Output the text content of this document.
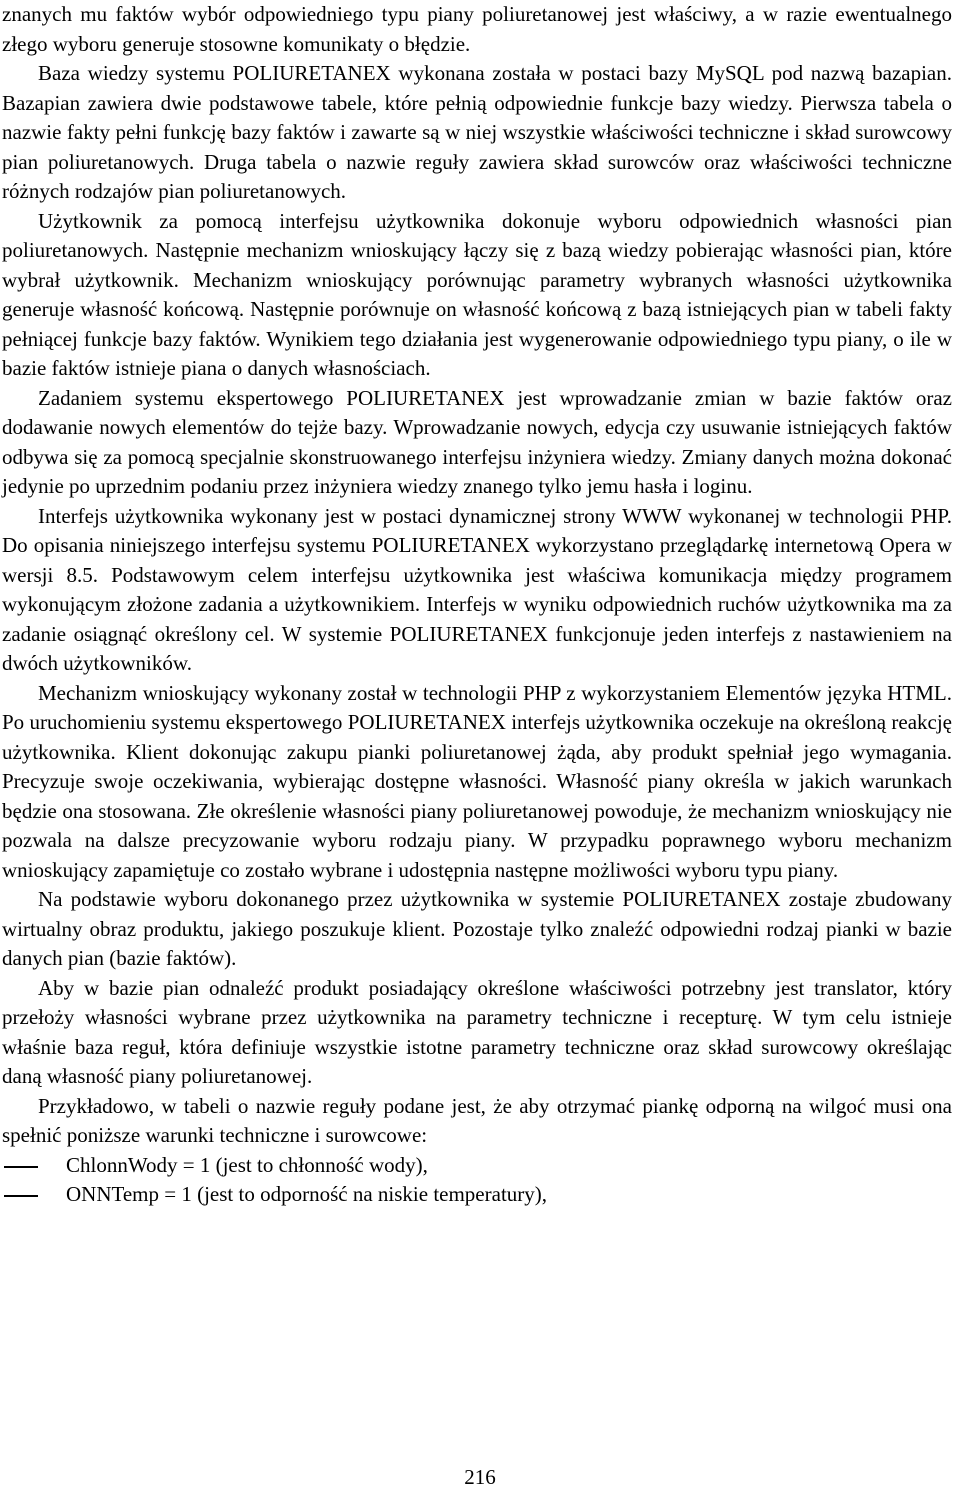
znanych mu faktów wybór odpowiedniego typu piany poliuretanowej jest właściwy, a w razie ewentualnego złego wyboru generuje stosowne komunikaty o błędzie.

Baza wiedzy systemu POLIURETANEX wykonana została w postaci bazy MySQL pod nazwą bazapian. Bazapian zawiera dwie podstawowe tabele, które pełnią odpowiednie funkcje bazy wiedzy. Pierwsza tabela o nazwie fakty pełni funkcję bazy faktów i zawarte są w niej wszystkie właściwości techniczne i skład surowcowy pian poliuretanowych. Druga tabela o nazwie reguły zawiera skład surowców oraz właściwości techniczne różnych rodzajów pian poliuretanowych.

Użytkownik za pomocą interfejsu użytkownika dokonuje wyboru odpowiednich własności pian poliuretanowych. Następnie mechanizm wnioskujący łączy się z bazą wiedzy pobierając własności pian, które wybrał użytkownik. Mechanizm wnioskujący porównując parametry wybranych własności użytkownika generuje własność końcową. Następnie porównuje on własność końcową z bazą istniejących pian w tabeli fakty pełniącej funkcje bazy faktów. Wynikiem tego działania jest wygenerowanie odpowiedniego typu piany, o ile w bazie faktów istnieje piana o danych własnościach.

Zadaniem systemu ekspertowego POLIURETANEX jest wprowadzanie zmian w bazie faktów oraz dodawanie nowych elementów do tejże bazy. Wprowadzanie nowych, edycja czy usuwanie istniejących faktów odbywa się za pomocą specjalnie skonstruowanego interfejsu inżyniera wiedzy. Zmiany danych można dokonać jedynie po uprzednim podaniu przez inżyniera wiedzy znanego tylko jemu hasła i loginu.

Interfejs użytkownika wykonany jest w postaci dynamicznej strony WWW wykonanej w technologii PHP. Do opisania niniejszego interfejsu systemu POLIURETANEX wykorzystano przeglądarkę internetową Opera w wersji 8.5. Podstawowym celem interfejsu użytkownika jest właściwa komunikacja między programem wykonującym złożone zadania a użytkownikiem. Interfejs w wyniku odpowiednich ruchów użytkownika ma za zadanie osiągnąć określony cel. W systemie POLIURETANEX funkcjonuje jeden interfejs z nastawieniem na dwóch użytkowników.

Mechanizm wnioskujący wykonany został w technologii PHP z wykorzystaniem Elementów języka HTML. Po uruchomieniu systemu ekspertowego POLIURETANEX interfejs użytkownika oczekuje na określoną reakcję użytkownika. Klient dokonując zakupu pianki poliuretanowej żąda, aby produkt spełniał jego wymagania. Precyzuje swoje oczekiwania, wybierając dostępne własności. Własność piany określa w jakich warunkach będzie ona stosowana. Złe określenie własności piany poliuretanowej powoduje, że mechanizm wnioskujący nie pozwala na dalsze precyzowanie wyboru rodzaju piany. W przypadku poprawnego wyboru mechanizm wnioskujący zapamiętuje co zostało wybrane i udostępnia następne możliwości wyboru typu piany.

Na podstawie wyboru dokonanego przez użytkownika w systemie POLIURETANEX zostaje zbudowany wirtualny obraz produktu, jakiego poszukuje klient. Pozostaje tylko znaleźć odpowiedni rodzaj pianki w bazie danych pian (bazie faktów).

Aby w bazie pian odnaleźć produkt posiadający określone właściwości potrzebny jest translator, który przełoży własności wybrane przez użytkownika na parametry techniczne i recepturę. W tym celu istnieje właśnie baza reguł, która definiuje wszystkie istotne parametry techniczne oraz skład surowcowy określając daną własność piany poliuretanowej.

Przykładowo, w tabeli o nazwie reguły podane jest, że aby otrzymać piankę odporną na wilgoć musi ona spełnić poniższe warunki techniczne i surowcowe:

ChlonnWody = 1 (jest to chłonność wody),
ONNTemp = 1 (jest to odporność na niskie temperatury),
216
